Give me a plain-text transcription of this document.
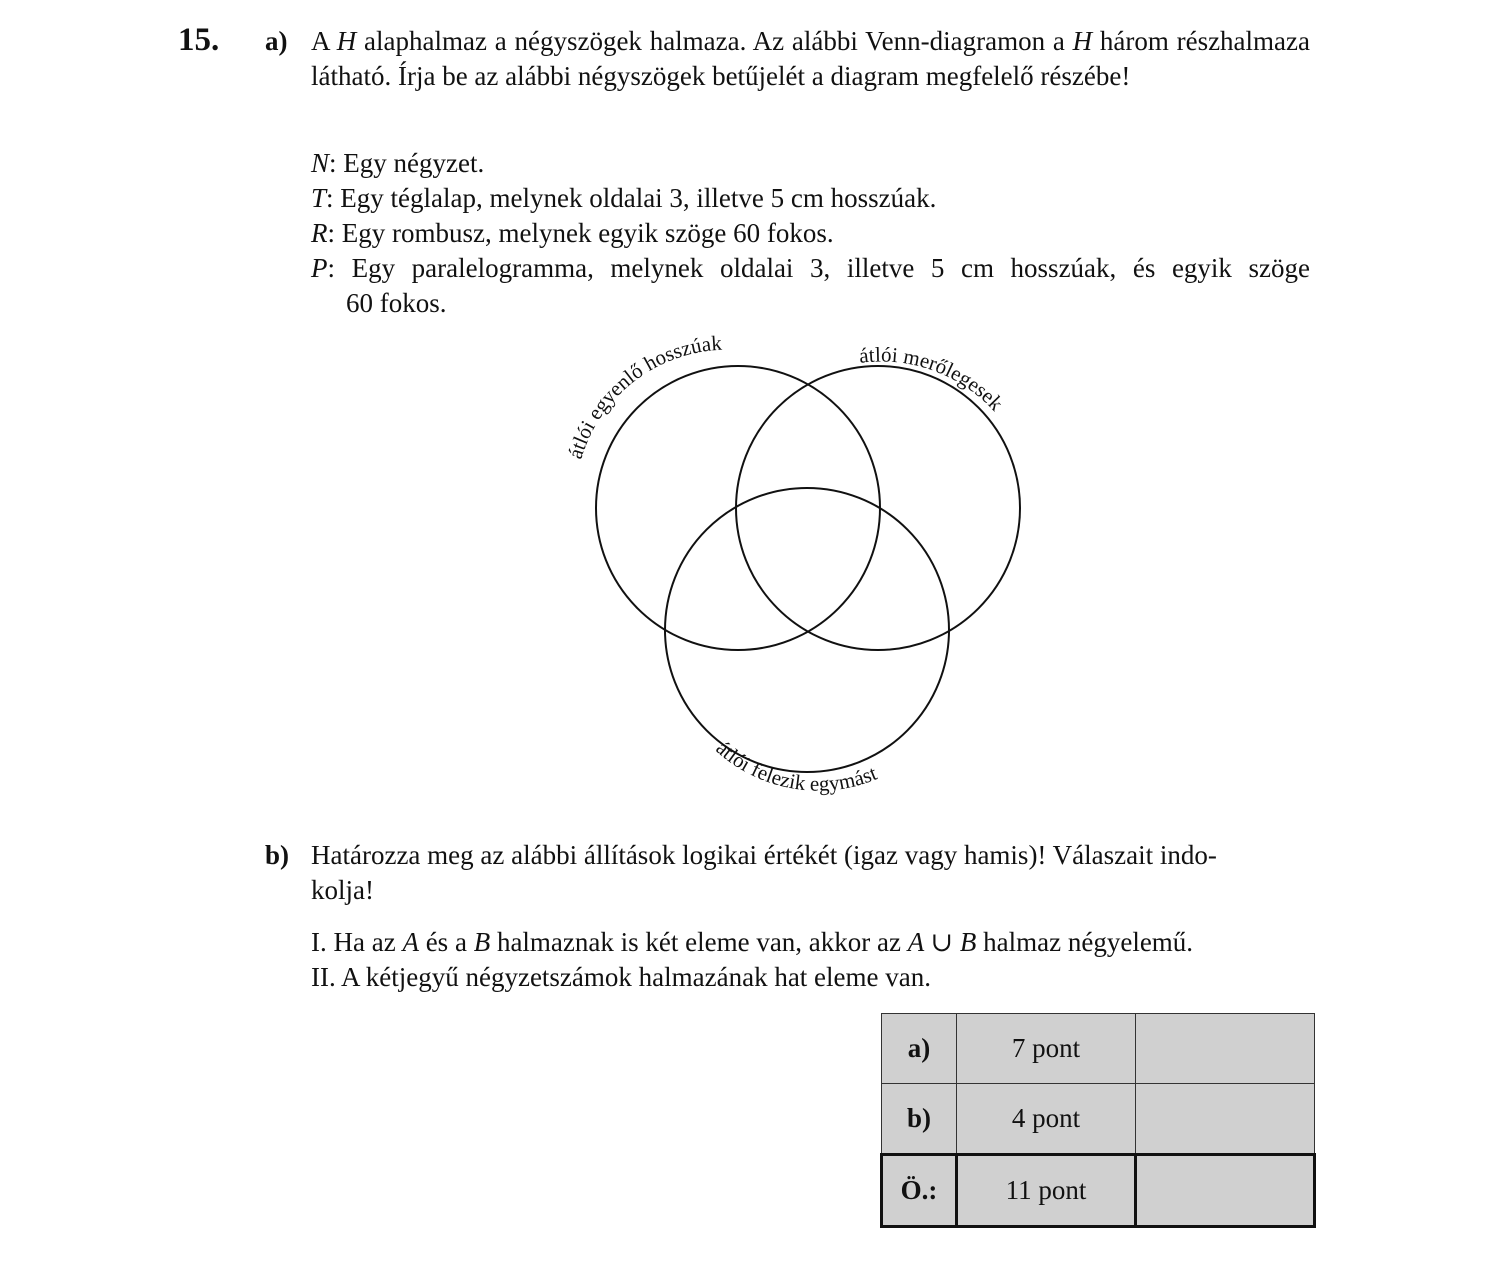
15. a) A H alaphalmaz a négyszögek halmaza. Az alábbi Venn-diagramon a H három részhalmaza látható. Írja be az alábbi négyszögek betűjelét a diagram megfelelő részébe!
N: Egy négyzet.
T: Egy téglalap, melynek oldalai 3, illetve 5 cm hosszúak.
R: Egy rombusz, melynek egyik szöge 60 fokos.
P: Egy paralelogramma, melynek oldalai 3, illetve 5 cm hosszúak, és egyik szöge
60 fokos.
átlói egyenlő hosszúak	átlói merőlegesek
átlói felezik egymást
b) Határozza meg az alábbi állítások logikai értékét (igaz vagy hamis)! Válaszait indo-
kolja!
I. Ha az A és a B halmaznak is két eleme van, akkor az A ∪ B halmaz négyelemű.
II. A kétjegyű négyzetszámok halmazának hat eleme van.
a)	7 pont	
b)	4 pont	
Ö.:	11 pont	
